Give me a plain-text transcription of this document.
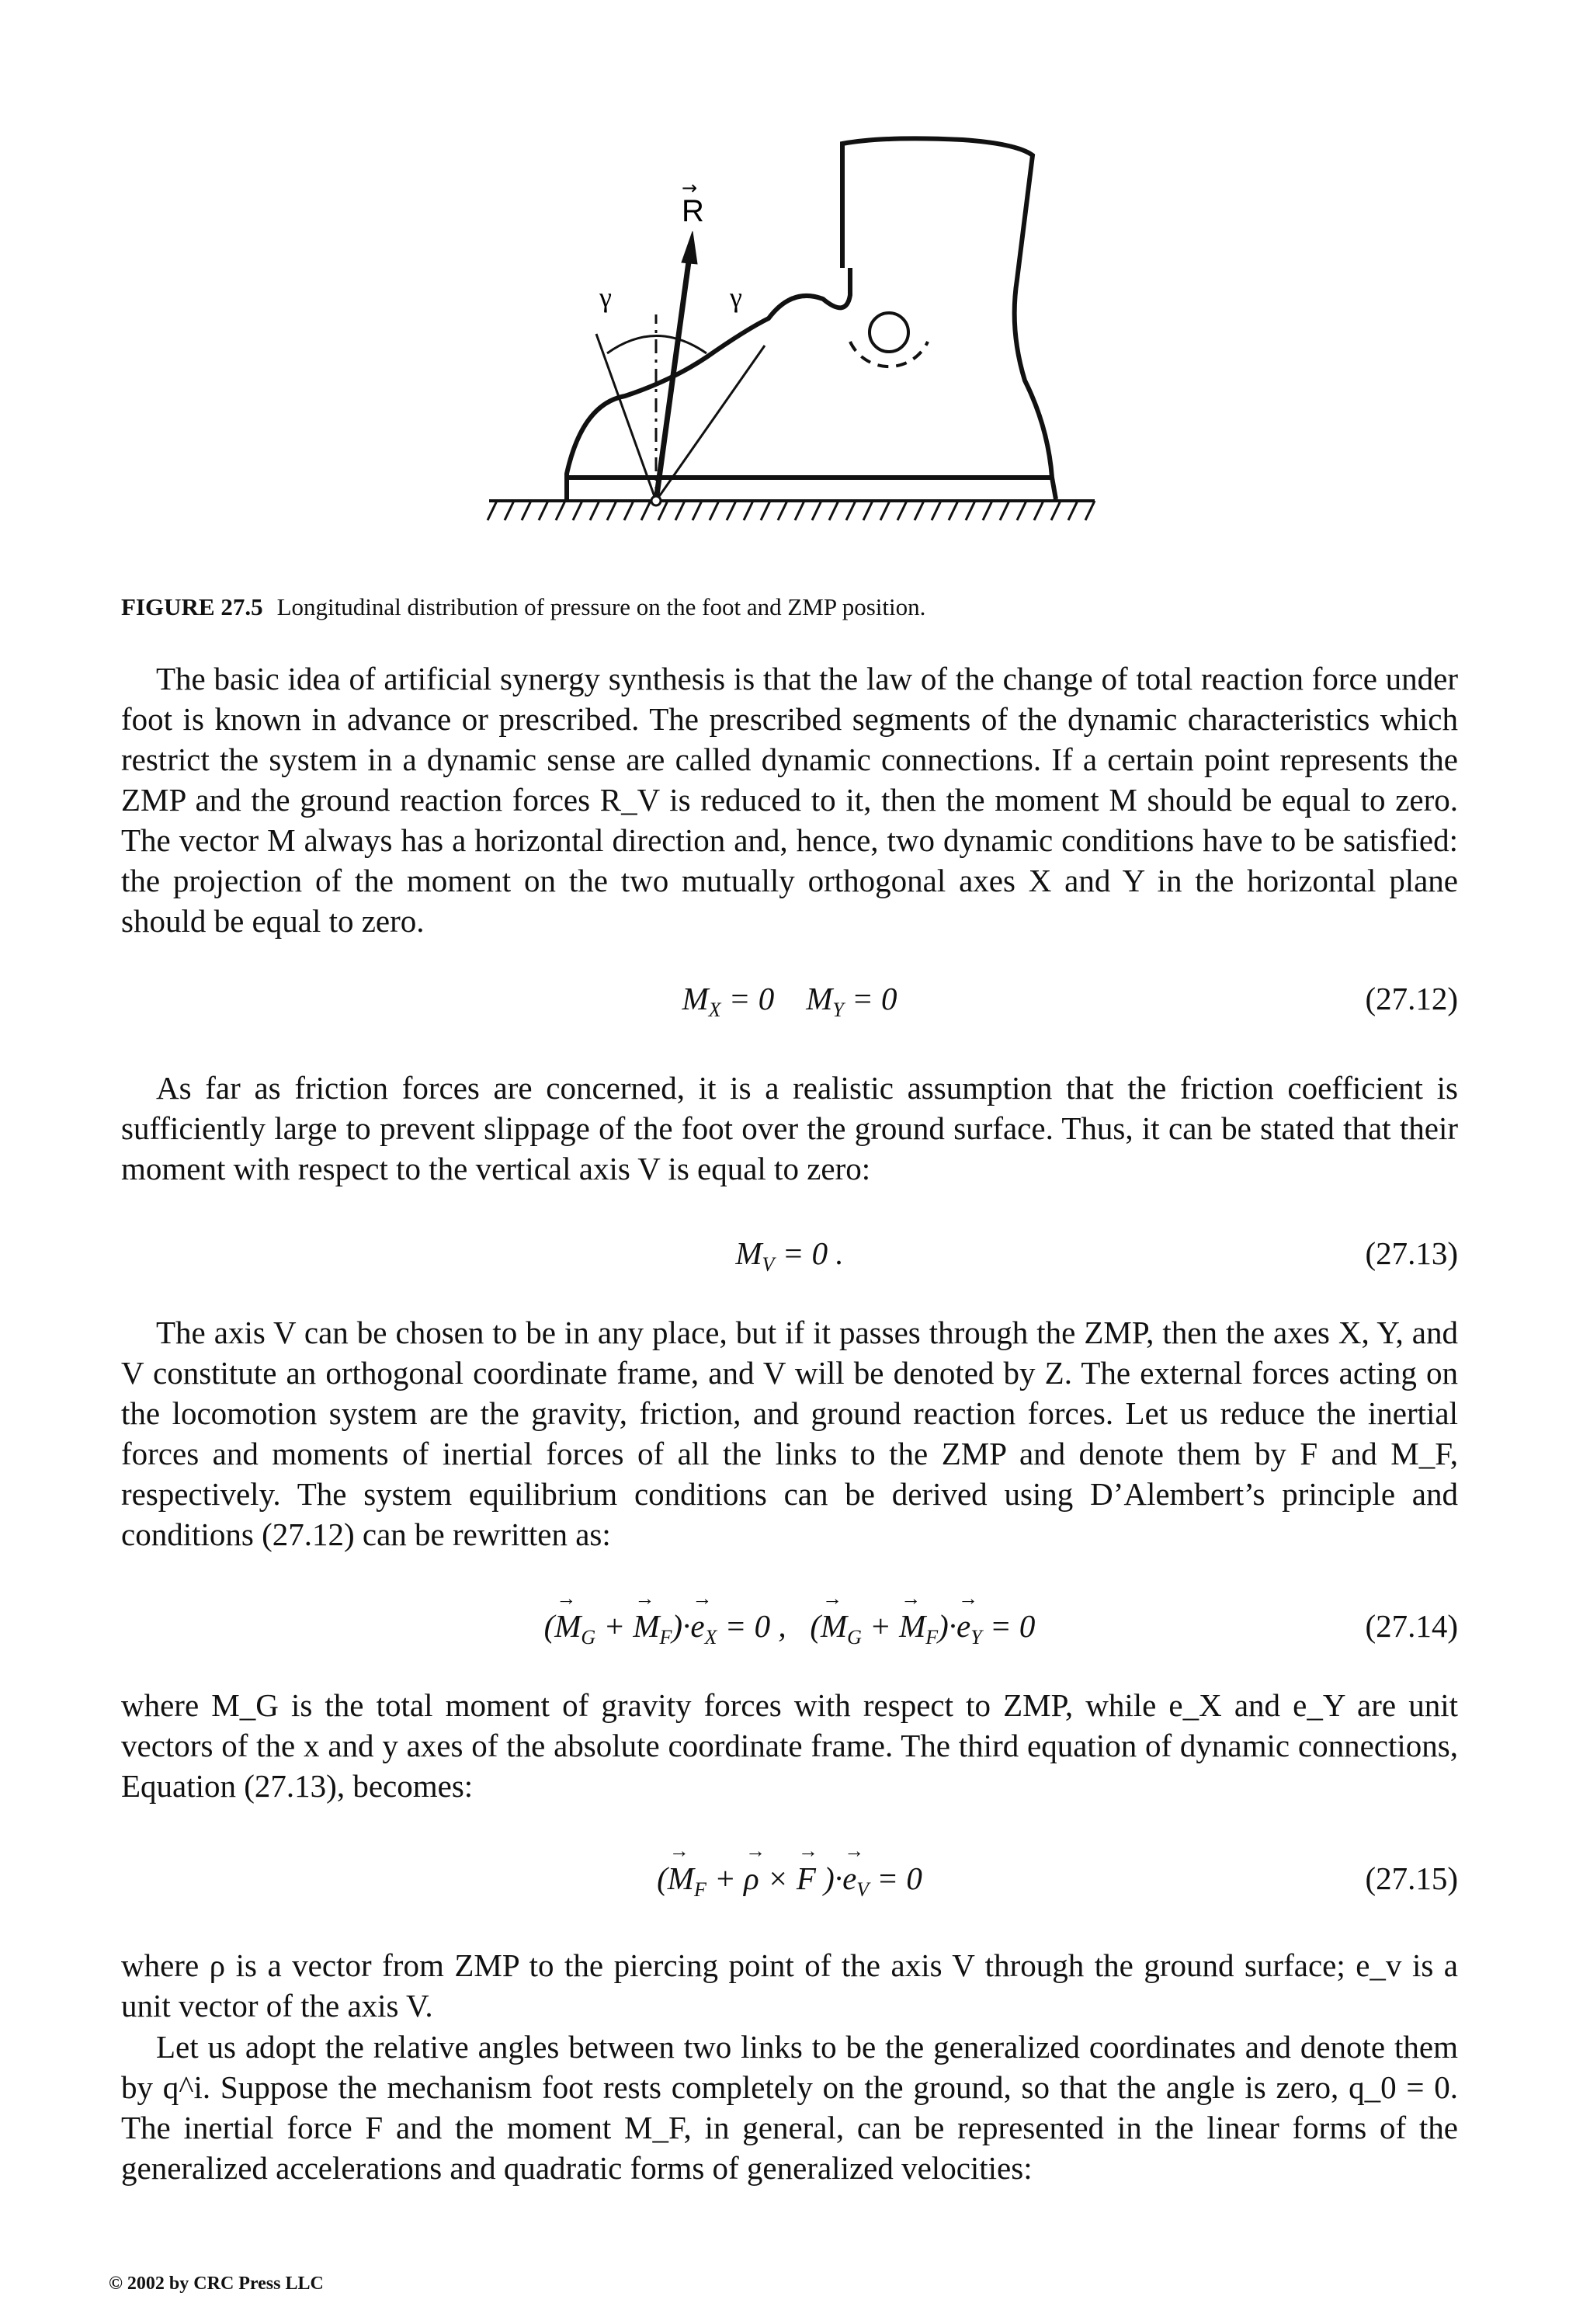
R
→
γ	γ
FIGURE 27.5 Longitudinal distribution of pressure on the foot and ZMP position.

The basic idea of artificial synergy synthesis is that the law of the change of total reaction force under foot is known in advance or prescribed. The prescribed segments of the dynamic characteristics which restrict the system in a dynamic sense are called dynamic connections. If a certain point represents the ZMP and the ground reaction forces R_V is reduced to it, then the moment M should be equal to zero. The vector M always has a horizontal direction and, hence, two dynamic conditions have to be satisfied: the projection of the moment on the two mutually orthogonal axes X and Y in the horizontal plane should be equal to zero.

$M_X = 0$    $M_Y = 0$	(27.12)

As far as friction forces are concerned, it is a realistic assumption that the friction coefficient is sufficiently large to prevent slippage of the foot over the ground surface. Thus, it can be stated that their moment with respect to the vertical axis V is equal to zero:

$M_V = 0$ .	(27.13)

The axis V can be chosen to be in any place, but if it passes through the ZMP, then the axes X, Y, and V constitute an orthogonal coordinate frame, and V will be denoted by Z. The external forces acting on the locomotion system are the gravity, friction, and ground reaction forces. Let us reduce the inertial forces and moments of inertial forces of all the links to the ZMP and denote them by F and M_F, respectively. The system equilibrium conditions can be derived using D’Alembert’s principle and conditions (27.12) can be rewritten as:

(→ $M_G$ + → $M_F)\cdot\to e_X = 0$ ,   (→ $M_G$ + → $M_F)\cdot\to e_Y = 0$	(27.14)

where M_G is the total moment of gravity forces with respect to ZMP, while e_X and e_Y are unit vectors of the x and y axes of the absolute coordinate frame. The third equation of dynamic connections, Equation (27.13), becomes:

(→ $M_F$ + → ρ × → F )·→ $e_V = 0$	(27.15)

where ρ is a vector from ZMP to the piercing point of the axis V through the ground surface; e_v is a unit vector of the axis V.

Let us adopt the relative angles between two links to be the generalized coordinates and denote them by q^i. Suppose the mechanism foot rests completely on the ground, so that the angle is zero, q_0 = 0. The inertial force F and the moment M_F, in general, can be represented in the linear forms of the generalized accelerations and quadratic forms of generalized velocities:

© 2002 by CRC Press LLC
